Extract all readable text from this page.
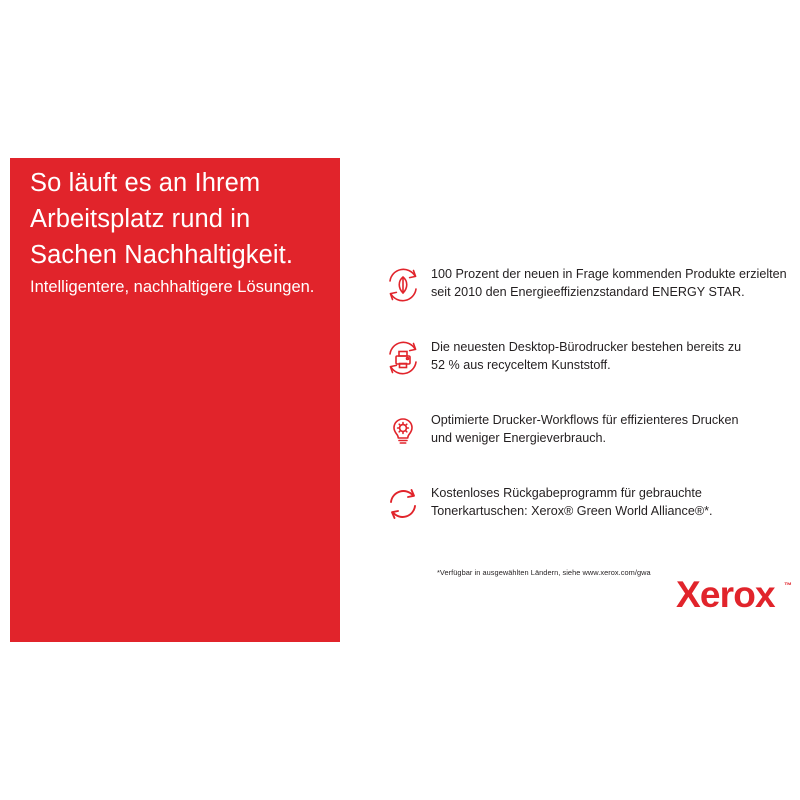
So läuft es an Ihrem
Arbeitsplatz rund in
Sachen Nachhaltigkeit.
Intelligentere, nachhaltigere Lösungen.
100 Prozent der neuen in Frage kommenden Produkte erzielten
seit 2010 den Energieeffizienzstandard ENERGY STAR.
Die neuesten Desktop-Bürodrucker bestehen bereits zu
52 % aus recyceltem Kunststoff.
Optimierte Drucker-Workflows für effizienteres Drucken
und weniger Energieverbrauch.
Kostenloses Rückgabeprogramm für gebrauchte
Tonerkartuschen: Xerox® Green World Alliance®*.
*Verfügbar in ausgewählten Ländern, siehe www.xerox.com/gwa
Xerox ™
